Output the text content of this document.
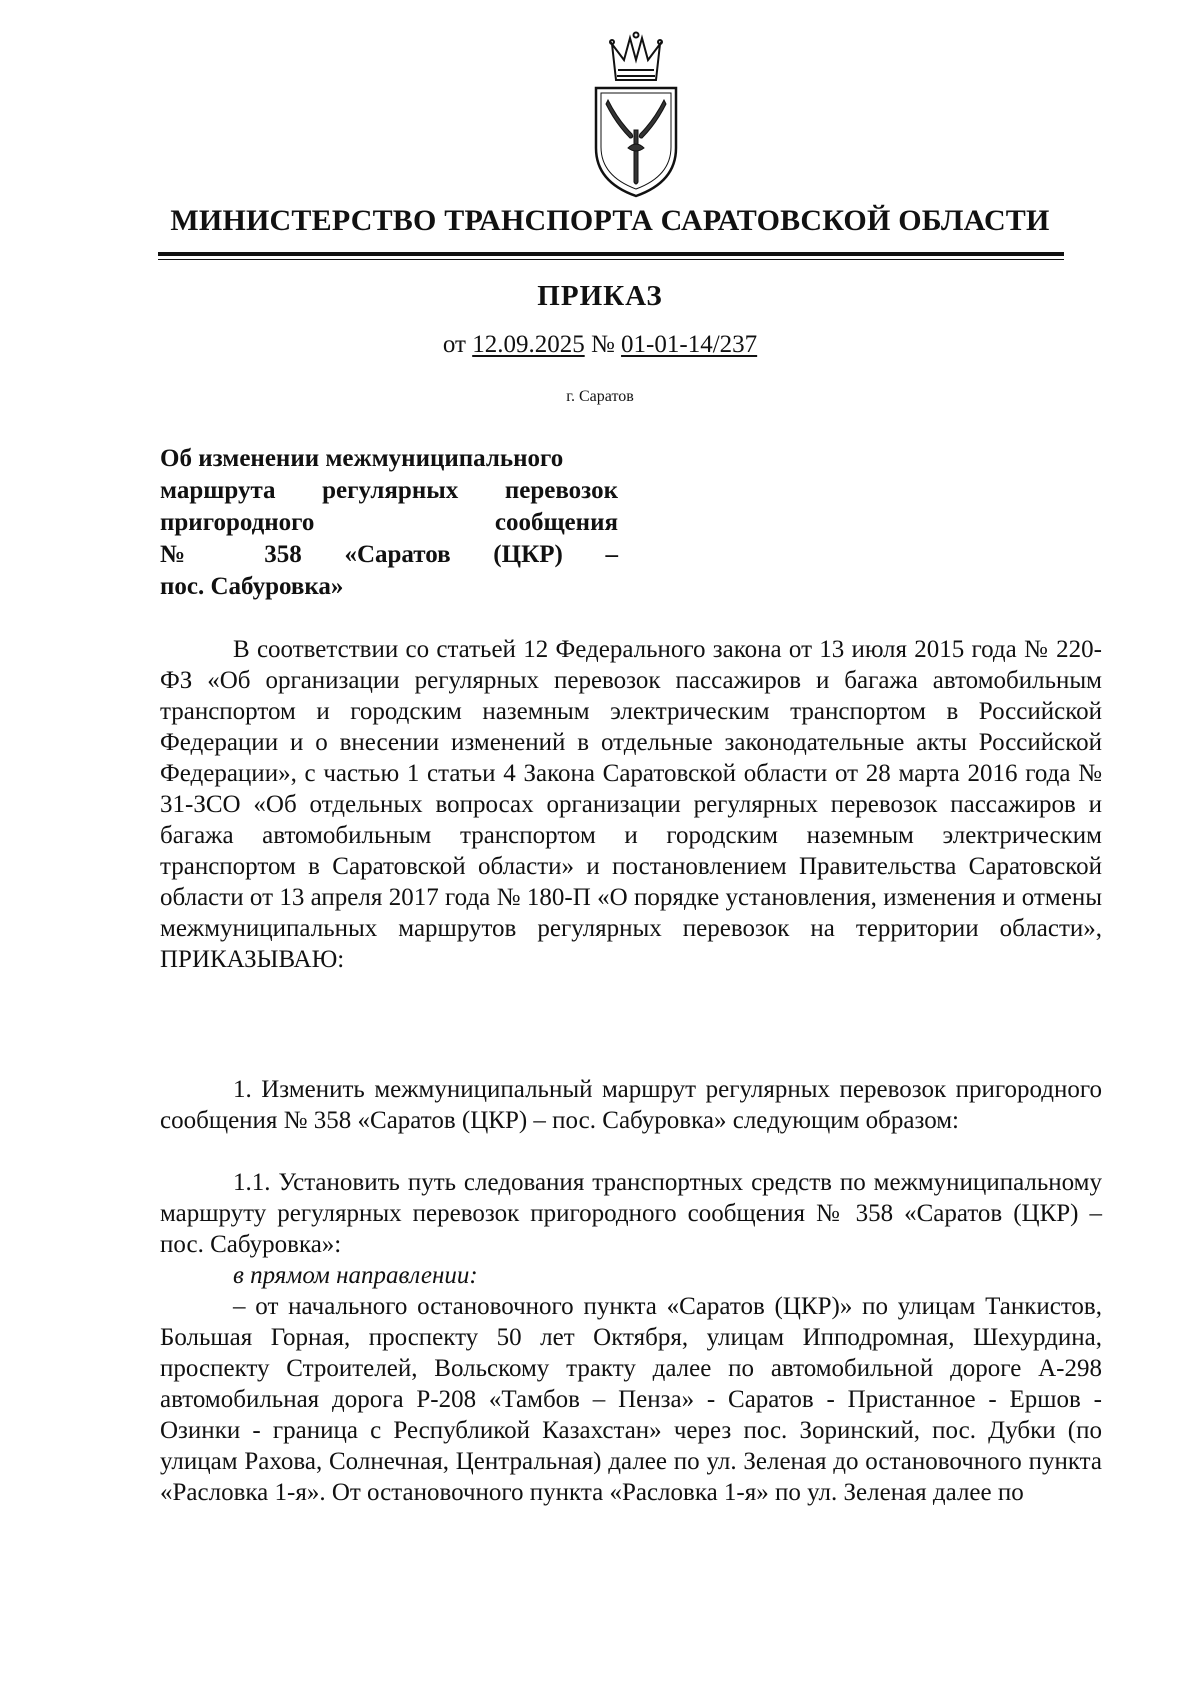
МИНИСТЕРСТВО ТРАНСПОРТА САРАТОВСКОЙ ОБЛАСТИ
ПРИКАЗ
от 12.09.2025 № 01-01-14/237
г. Саратов
Об изменении межмуниципального
маршрута регулярных перевозок
пригородного сообщения
№ 358 «Саратов (ЦКР) –
пос. Сабуровка»

В соответствии со статьей 12 Федерального закона от 13 июля 2015 года № 220-ФЗ «Об организации регулярных перевозок пассажиров и багажа автомобильным транспортом и городским наземным электрическим транспортом в Российской Федерации и о внесении изменений в отдельные законодательные акты Российской Федерации», с частью 1 статьи 4 Закона Саратовской области от 28 марта 2016 года № 31-ЗСО «Об отдельных вопросах организации регулярных перевозок пассажиров и багажа автомобильным транспортом и городским наземным электрическим транспортом в Саратовской области» и постановлением Правительства Саратовской области от 13 апреля 2017 года № 180-П «О порядке установления, изменения и отмены межмуниципальных маршрутов регулярных перевозок на территории области», ПРИКАЗЫВАЮ:

1. Изменить межмуниципальный маршрут регулярных перевозок пригородного сообщения № 358 «Саратов (ЦКР) – пос. Сабуровка» следующим образом:

1.1. Установить путь следования транспортных средств по межмуниципальному маршруту регулярных перевозок пригородного сообщения № 358 «Саратов (ЦКР) – пос. Сабуровка»:

в прямом направлении:

– от начального остановочного пункта «Саратов (ЦКР)» по улицам Танкистов, Большая Горная, проспекту 50 лет Октября, улицам Ипподромная, Шехурдина, проспекту Строителей, Вольскому тракту далее по автомобильной дороге А-298 автомобильная дорога Р-208 «Тамбов – Пенза» - Саратов - Пристанное - Ершов - Озинки - граница с Республикой Казахстан» через пос. Зоринский, пос. Дубки (по улицам Рахова, Солнечная, Центральная) далее по ул. Зеленая до остановочного пункта «Расловка 1-я». От остановочного пункта «Расловка 1-я» по ул. Зеленая далее по
